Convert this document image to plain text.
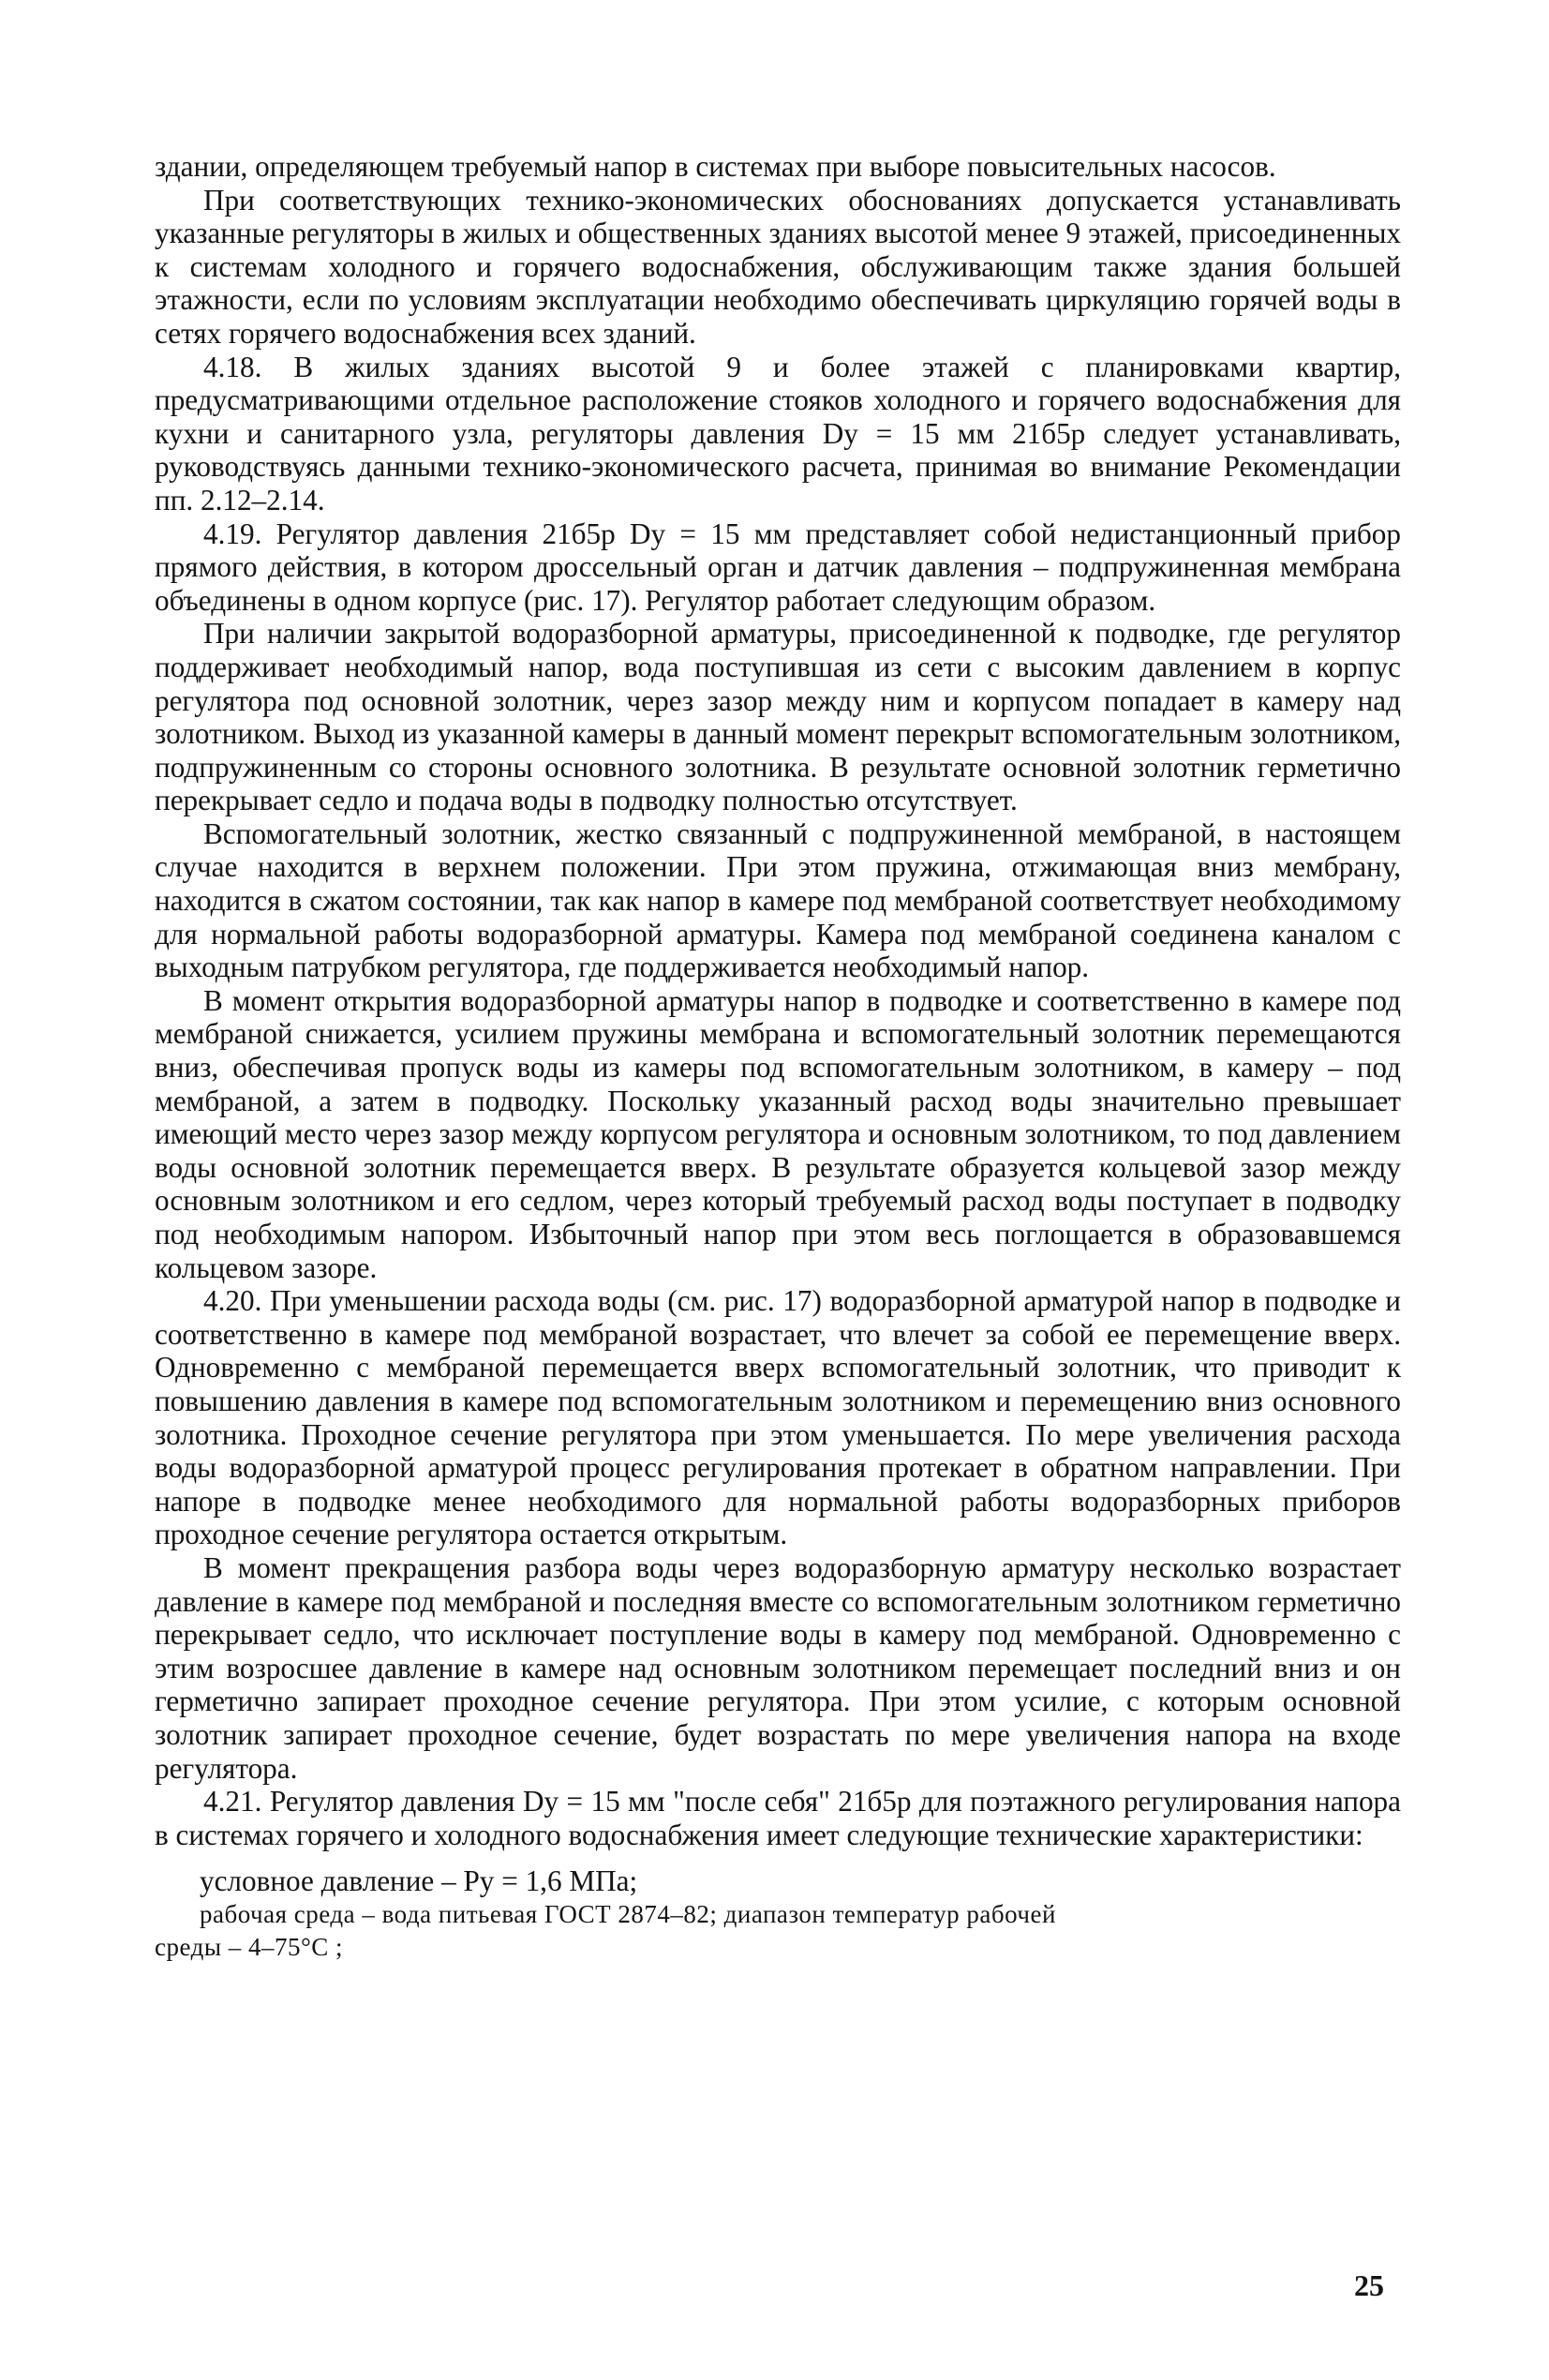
здании, определяющем требуемый напор в системах при выборе повысительных насосов.

При соответствующих технико-экономических обоснованиях допускается устанавливать указанные регуляторы в жилых и общественных зданиях высотой менее 9 этажей, присоединенных к системам холодного и горячего водоснабжения, обслуживающим также здания большей этажности, если по условиям эксплуатации необходимо обеспечивать циркуляцию горячей воды в сетях горячего водоснабжения всех зданий.

4.18. В жилых зданиях высотой 9 и более этажей с планировками квартир, предусматривающими отдельное расположение стояков холодного и горячего водоснабжения для кухни и санитарного узла, регуляторы давления Dу = 15 мм 21б5р следует устанавливать, руководствуясь данными технико-экономического расчета, принимая во внимание Рекомендации пп. 2.12–2.14.

4.19. Регулятор давления 21б5р Dу = 15 мм представляет собой недистанционный прибор прямого действия, в котором дроссельный орган и датчик давления – подпружиненная мембрана объединены в одном корпусе (рис. 17). Регулятор работает следующим образом.

При наличии закрытой водоразборной арматуры, присоединенной к подводке, где регулятор поддерживает необходимый напор, вода поступившая из сети с высоким давлением в корпус регулятора под основной золотник, через зазор между ним и корпусом попадает в камеру над золотником. Выход из указанной камеры в данный момент перекрыт вспомогательным золотником, подпружиненным со стороны основного золотника. В результате основной золотник герметично перекрывает седло и подача воды в подводку полностью отсутствует.

Вспомогательный золотник, жестко связанный с подпружиненной мембраной, в настоящем случае находится в верхнем положении. При этом пружина, отжимающая вниз мембрану, находится в сжатом состоянии, так как напор в камере под мембраной соответствует необходимому для нормальной работы водоразборной арматуры. Камера под мембраной соединена каналом с выходным патрубком регулятора, где поддерживается необходимый напор.

В момент открытия водоразборной арматуры напор в подводке и соответственно в камере под мембраной снижается, усилием пружины мембрана и вспомогательный золотник перемещаются вниз, обеспечивая пропуск воды из камеры под вспомогательным золотником, в камеру – под мембраной, а затем в подводку. Поскольку указанный расход воды значительно превышает имеющий место через зазор между корпусом регулятора и основным золотником, то под давлением воды основной золотник перемещается вверх. В результате образуется кольцевой зазор между основным золотником и его седлом, через который требуемый расход воды поступает в подводку под необходимым напором. Избыточный напор при этом весь поглощается в образовавшемся кольцевом зазоре.

4.20. При уменьшении расхода воды (см. рис. 17) водоразборной арматурой напор в подводке и соответственно в камере под мембраной возрастает, что влечет за собой ее перемещение вверх. Одновременно с мембраной перемещается вверх вспомогательный золотник, что приводит к повышению давления в камере под вспомогательным золотником и перемещению вниз основного золотника. Проходное сечение регулятора при этом уменьшается. По мере увеличения расхода воды водоразборной арматурой процесс регулирования протекает в обратном направлении. При напоре в подводке менее необходимого для нормальной работы водоразборных приборов проходное сечение регулятора остается открытым.

В момент прекращения разбора воды через водоразборную арматуру несколько возрастает давление в камере под мембраной и последняя вместе со вспомогательным золотником герметично перекрывает седло, что исключает поступление воды в камеру под мембраной. Одновременно с этим возросшее давление в камере над основным золотником перемещает последний вниз и он герметично запирает проходное сечение регулятора. При этом усилие, с которым основной золотник запирает проходное сечение, будет возрастать по мере увеличения напора на входе регулятора.

4.21. Регулятор давления Dу = 15 мм "после себя" 21б5р для поэтажного регулирования напора в системах горячего и холодного водоснабжения имеет следующие технические характеристики:

условное давление – Pу = 1,6 МПа;

рабочая среда – вода питьевая ГОСТ 2874–82; диапазон температур рабочей

среды – 4–75°С ;

25
